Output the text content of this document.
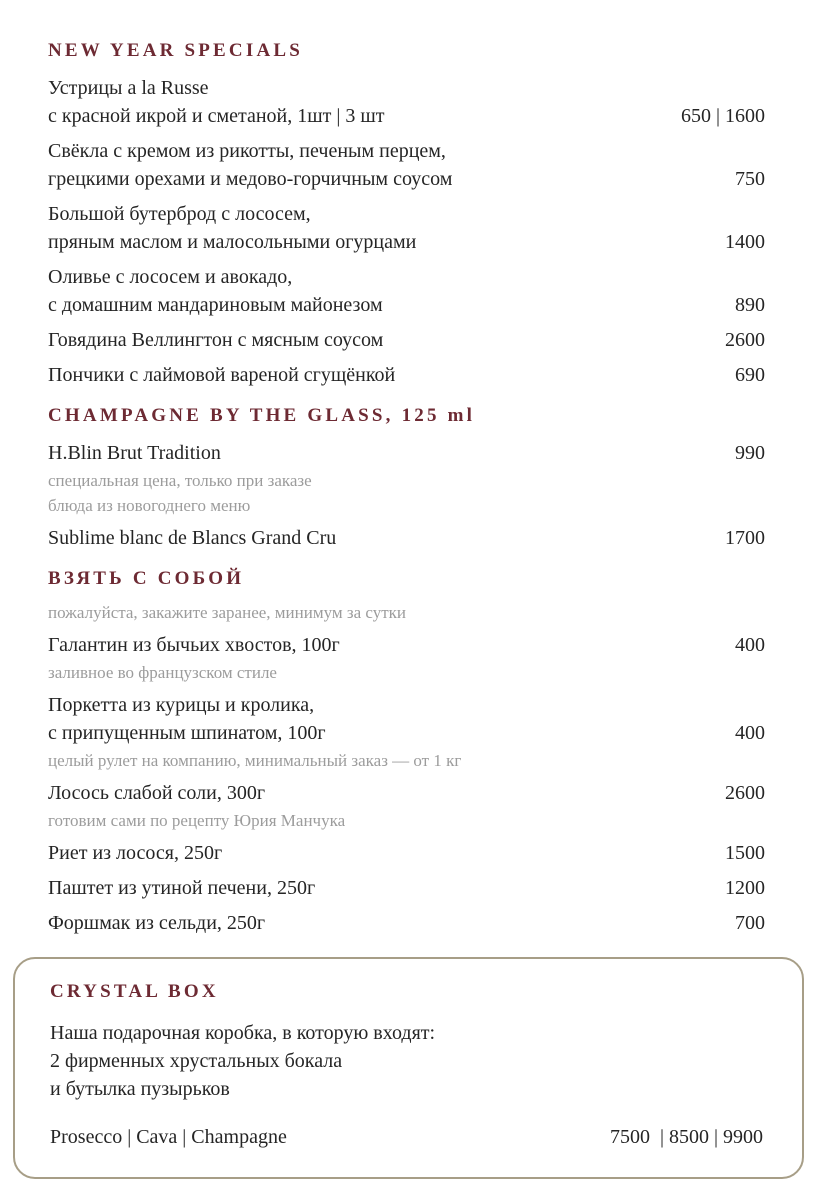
NEW YEAR SPECIALS
Устрицы a la Russe
с красной икрой и сметаной, 1шт | 3 шт	650 | 1600
Свёкла с кремом из рикотты, печеным перцем,
грецкими орехами и медово-горчичным соусом	750
Большой бутерброд с лососем,
пряным маслом и малосольными огурцами	1400
Оливье с лососем и авокадо,
с домашним мандариновым майонезом	890
Говядина Веллингтон с мясным соусом	2600
Пончики с лаймовой вареной сгущёнкой	690
CHAMPAGNE BY THE GLASS, 125 ml
H.Blin Brut Tradition	990
специальная цена, только при заказе
блюда из новогоднего меню
Sublime blanc de Blancs Grand Cru	1700
ВЗЯТЬ С СОБОЙ

пожалуйста, закажите заранее, минимум за сутки

Галантин из бычьих хвостов, 100г	400
заливное во французском стиле
Поркетта из курицы и кролика,
с припущенным шпинатом, 100г	400
целый рулет на компанию, минимальный заказ — от 1 кг
Лосось слабой соли, 300г	2600
готовим сами по рецепту Юрия Манчука
Риет из лосося, 250г	1500
Паштет из утиной печени, 250г	1200
Форшмак из сельди, 250г	700
CRYSTAL BOX
Наша подарочная коробка, в которую входят:
2 фирменных хрустальных бокала
и бутылка пузырьков
Prosecco | Cava | Champagne	7500  | 8500 | 9900
